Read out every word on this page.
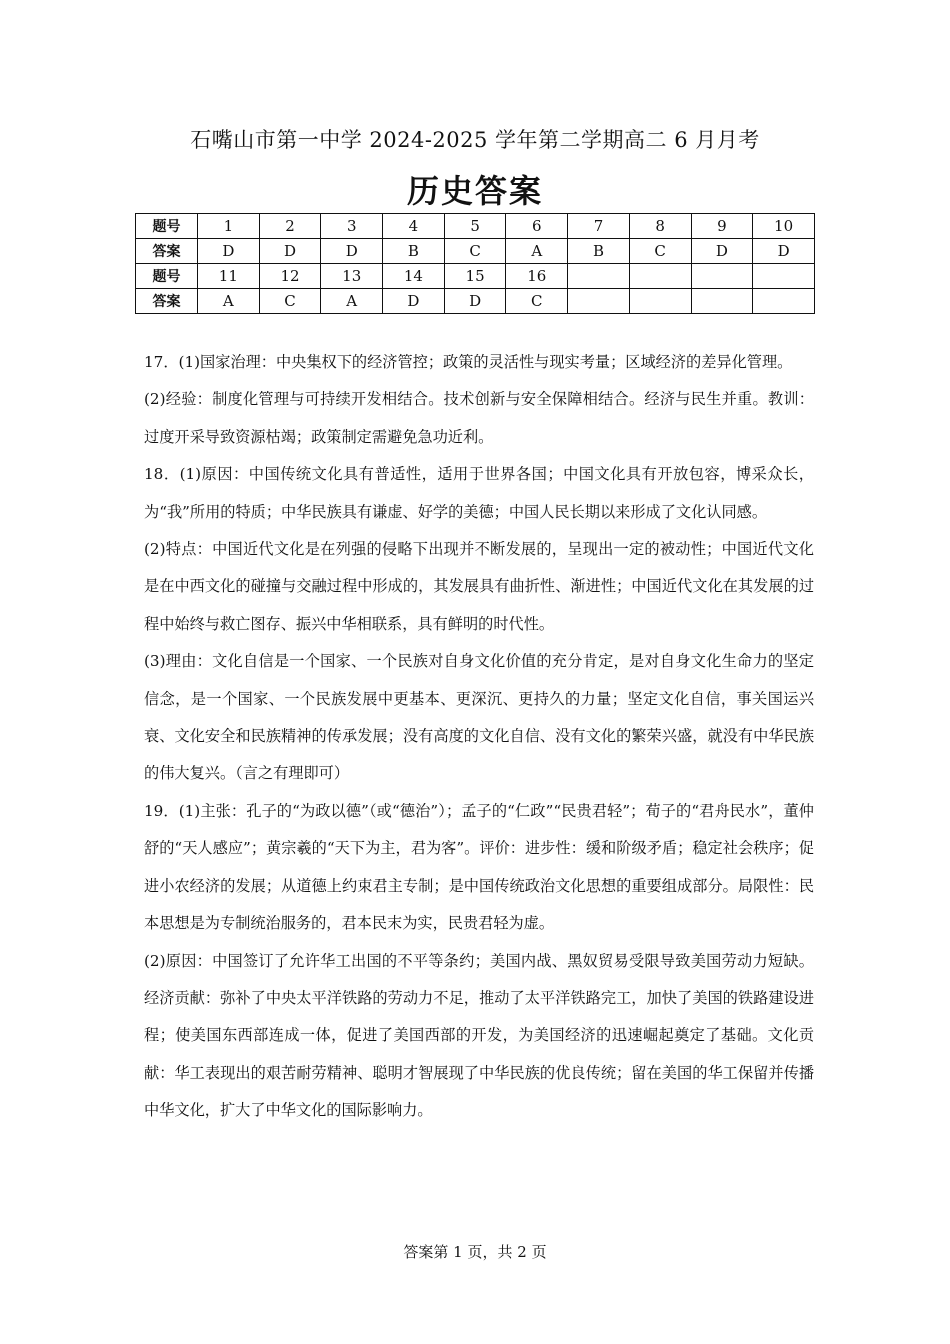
石嘴山市第一中学 2024-2025 学年第二学期高二 6 月月考
历史答案
题号	1	2	3	4	5	6	7	8	9	10
答案	D	D	D	B	C	A	B	C	D	D
题号	11	12	13	14	15	16				
答案	A	C	A	D	D	C				

17．(1)国家治理：中央集权下的经济管控；政策的灵活性与现实考量；区域经济的差异化管理。

(2)经验：制度化管理与可持续开发相结合。技术创新与安全保障相结合。经济与民生并重。教训：过度开采导致资源枯竭；政策制定需避免急功近利。

18．(1)原因：中国传统文化具有普适性，适用于世界各国；中国文化具有开放包容，博采众长，为“我”所用的特质；中华民族具有谦虚、好学的美德；中国人民长期以来形成了文化认同感。

(2)特点：中国近代文化是在列强的侵略下出现并不断发展的，呈现出一定的被动性；中国近代文化是在中西文化的碰撞与交融过程中形成的，其发展具有曲折性、渐进性；中国近代文化在其发展的过程中始终与救亡图存、振兴中华相联系，具有鲜明的时代性。

(3)理由：文化自信是一个国家、一个民族对自身文化价值的充分肯定，是对自身文化生命力的坚定信念，是一个国家、一个民族发展中更基本、更深沉、更持久的力量；坚定文化自信，事关国运兴衰、文化安全和民族精神的传承发展；没有高度的文化自信、没有文化的繁荣兴盛，就没有中华民族的伟大复兴。（言之有理即可）

19．(1)主张：孔子的“为政以德”（或“德治”）；孟子的“仁政”“民贵君轻”；荀子的“君舟民水”，董仲舒的“天人感应”；黄宗羲的“天下为主，君为客”。评价：进步性：缓和阶级矛盾；稳定社会秩序；促进小农经济的发展；从道德上约束君主专制；是中国传统政治文化思想的重要组成部分。局限性：民本思想是为专制统治服务的，君本民末为实，民贵君轻为虚。

(2)原因：中国签订了允许华工出国的不平等条约；美国内战、黑奴贸易受限导致美国劳动力短缺。经济贡献：弥补了中央太平洋铁路的劳动力不足，推动了太平洋铁路完工，加快了美国的铁路建设进程；使美国东西部连成一体，促进了美国西部的开发，为美国经济的迅速崛起奠定了基础。文化贡献：华工表现出的艰苦耐劳精神、聪明才智展现了中华民族的优良传统；留在美国的华工保留并传播中华文化，扩大了中华文化的国际影响力。

答案第 1 页，共 2 页
